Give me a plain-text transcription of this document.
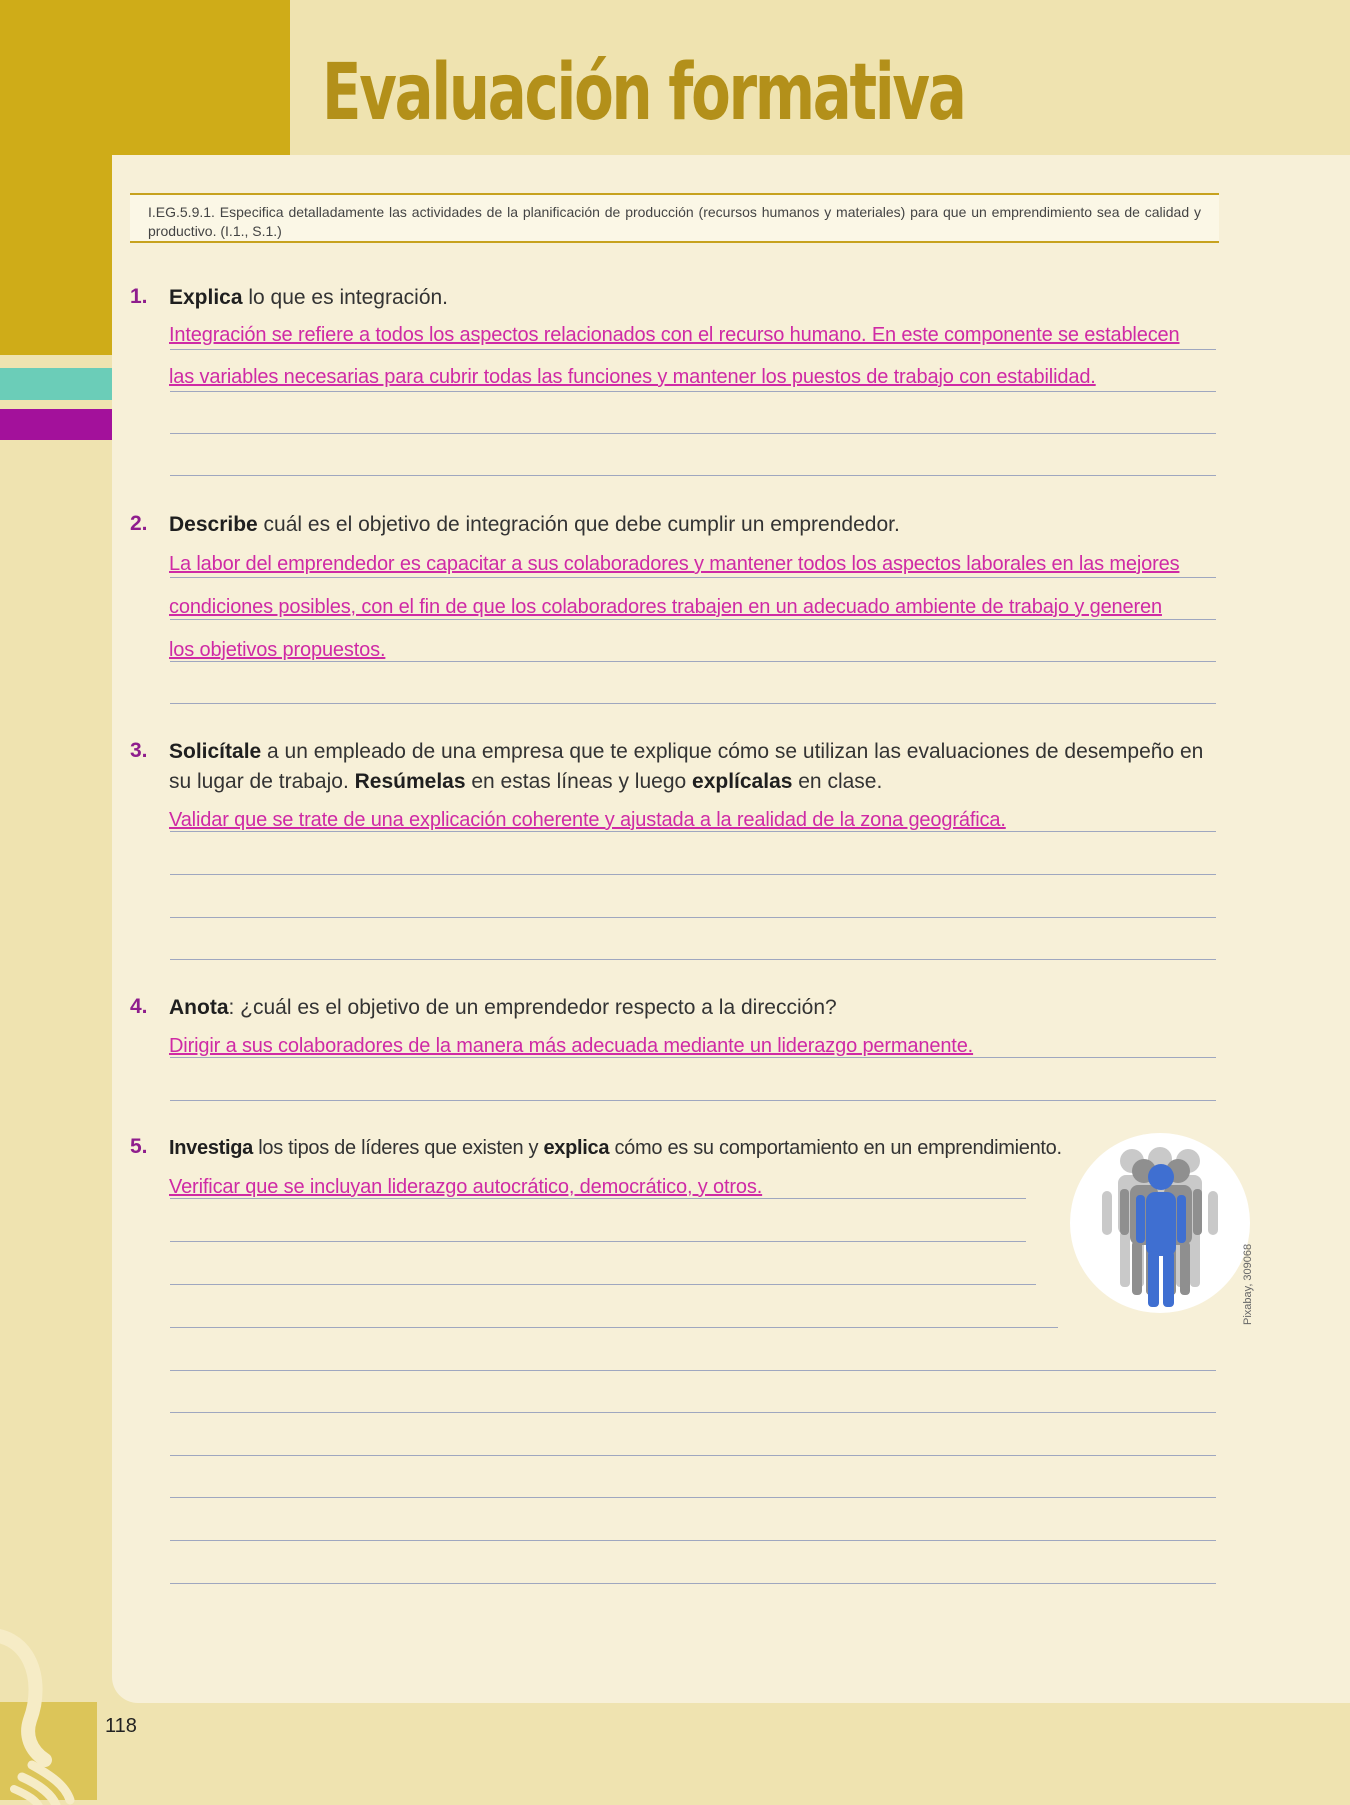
Evaluación formativa
I.EG.5.9.1. Especifica detalladamente las actividades de la planificación de producción (recursos humanos y materiales) para que un emprendimiento sea de calidad y productivo. (I.1., S.1.)
1. Explica lo que es integración.
Integración se refiere a todos los aspectos relacionados con el recurso humano. En este componente se establecen
las variables necesarias para cubrir todas las funciones y mantener los puestos de trabajo con estabilidad.
2. Describe cuál es el objetivo de integración que debe cumplir un emprendedor.
La labor del emprendedor es capacitar a sus colaboradores y mantener todos los aspectos laborales en las mejores
condiciones posibles, con el fin de que los colaboradores trabajen en un adecuado ambiente de trabajo y generen
los objetivos propuestos.
3. Solicítale a un empleado de una empresa que te explique cómo se utilizan las evaluaciones de desempeño en su lugar de trabajo. Resúmelas en estas líneas y luego explícalas en clase.
Validar que se trate de una explicación coherente y ajustada a la realidad de la zona geográfica.
4. Anota: ¿cuál es el objetivo de un emprendedor respecto a la dirección?
Dirigir a sus colaboradores de la manera más adecuada mediante un liderazgo permanente.
5. Investiga los tipos de líderes que existen y explica cómo es su comportamiento en un emprendimiento.
Verificar que se incluyan liderazgo autocrático, democrático, y otros.
Pixabay, 309068
118
